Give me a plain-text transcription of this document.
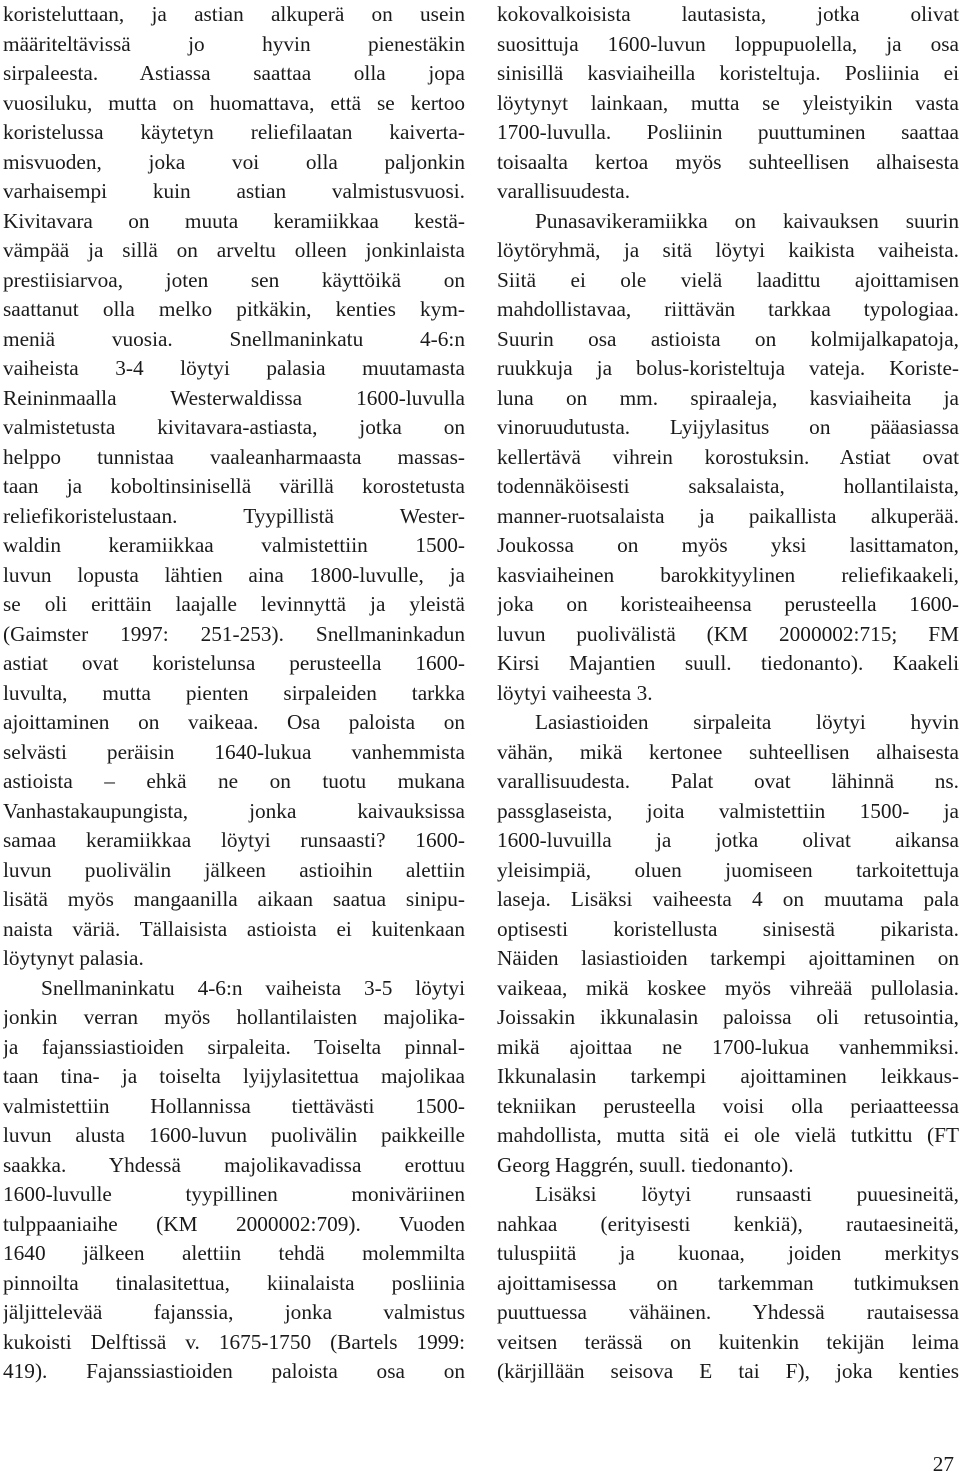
koristeluttaan, ja astian alkuperä on usein
määriteltävissä jo hyvin pienestäkin
sirpaleesta. Astiassa saattaa olla jopa
vuosiluku, mutta on huomattava, että se kertoo
koristelussa käytetyn reliefilaatan kaiverta-
misvuoden, joka voi olla paljonkin
varhaisempi kuin astian valmistusvuosi.
Kivitavara on muuta keramiikkaa kestä-
vämpää ja sillä on arveltu olleen jonkinlaista
prestiisiarvoa, joten sen käyttöikä on
saattanut olla melko pitkäkin, kenties kym-
meniä vuosia. Snellmaninkatu 4-6:n
vaiheista 3-4 löytyi palasia muutamasta
Reininmaalla Westerwaldissa 1600-luvulla
valmistetusta kivitavara-astiasta, jotka on
helppo tunnistaa vaaleanharmaasta massas-
taan ja koboltinsinisellä värillä korostetusta
reliefikoristelustaan. Tyypillistä Wester-
waldin keramiikkaa valmistettiin 1500-
luvun lopusta lähtien aina 1800-luvulle, ja
se oli erittäin laajalle levinnyttä ja yleistä
(Gaimster 1997: 251-253). Snellmaninkadun
astiat ovat koristelunsa perusteella 1600-
luvulta, mutta pienten sirpaleiden tarkka
ajoittaminen on vaikeaa. Osa paloista on
selvästi peräisin 1640-lukua vanhemmista
astioista – ehkä ne on tuotu mukana
Vanhastakaupungista, jonka kaivauksissa
samaa keramiikkaa löytyi runsaasti? 1600-
luvun puolivälin jälkeen astioihin alettiin
lisätä myös mangaanilla aikaan saatua sinipu-
naista väriä. Tällaisista astioista ei kuitenkaan
löytynyt palasia.
Snellmaninkatu 4-6:n vaiheista 3-5 löytyi
jonkin verran myös hollantilaisten majolika-
ja fajanssiastioiden sirpaleita. Toiselta pinnal-
taan tina- ja toiselta lyijylasitettua majolikaa
valmistettiin Hollannissa tiettävästi 1500-
luvun alusta 1600-luvun puolivälin paikkeille
saakka. Yhdessä majolikavadissa erottuu
1600-luvulle tyypillinen moniväriinen
tulppaaniaihe (KM 2000002:709). Vuoden
1640 jälkeen alettiin tehdä molemmilta
pinnoilta tinalasitettua, kiinalaista posliinia
jäljittelevää fajanssia, jonka valmistus
kukoisti Delftissä v. 1675-1750 (Bartels 1999:
419). Fajanssiastioiden paloista osa on
kokovalkoisista lautasista, jotka olivat
suosittuja 1600-luvun loppupuolella, ja osa
sinisillä kasviaiheilla koristeltuja. Posliinia ei
löytynyt lainkaan, mutta se yleistyikin vasta
1700-luvulla. Posliinin puuttuminen saattaa
toisaalta kertoa myös suhteellisen alhaisesta
varallisuudesta.
Punasavikeramiikka on kaivauksen suurin
löytöryhmä, ja sitä löytyi kaikista vaiheista.
Siitä ei ole vielä laadittu ajoittamisen
mahdollistavaa, riittävän tarkkaa typologiaa.
Suurin osa astioista on kolmijalkapatoja,
ruukkuja ja bolus-koristeltuja vateja. Koriste-
luna on mm. spiraaleja, kasviaiheita ja
vinoruudutusta. Lyijylasitus on pääasiassa
kellertävä vihrein korostuksin. Astiat ovat
todennäköisesti saksalaista, hollantilaista,
manner-ruotsalaista ja paikallista alkuperää.
Joukossa on myös yksi lasittamaton,
kasviaiheinen barokkityylinen reliefikaakeli,
joka on koristeaiheensa perusteella 1600-
luvun puolivälistä (KM 2000002:715; FM
Kirsi Majantien suull. tiedonanto). Kaakeli
löytyi vaiheesta 3.
Lasiastioiden sirpaleita löytyi hyvin
vähän, mikä kertonee suhteellisen alhaisesta
varallisuudesta. Palat ovat lähinnä ns.
passglaseista, joita valmistettiin 1500- ja
1600-luvuilla ja jotka olivat aikansa
yleisimpiä, oluen juomiseen tarkoitettuja
laseja. Lisäksi vaiheesta 4 on muutama pala
optisesti koristellusta sinisestä pikarista.
Näiden lasiastioiden tarkempi ajoittaminen on
vaikeaa, mikä koskee myös vihreää pullolasia.
Joissakin ikkunalasin paloissa oli retusointia,
mikä ajoittaa ne 1700-lukua vanhemmiksi.
Ikkunalasin tarkempi ajoittaminen leikkaus-
tekniikan perusteella voisi olla periaatteessa
mahdollista, mutta sitä ei ole vielä tutkittu (FT
Georg Haggrén, suull. tiedonanto).
Lisäksi löytyi runsaasti puuesineitä,
nahkaa (erityisesti kenkiä), rautaesineitä,
tuluspiitä ja kuonaa, joiden merkitys
ajoittamisessa on tarkemman tutkimuksen
puuttuessa vähäinen. Yhdessä rautaisessa
veitsen terässä on kuitenkin tekijän leima
(kärjillään seisova E tai F), joka kenties
27
